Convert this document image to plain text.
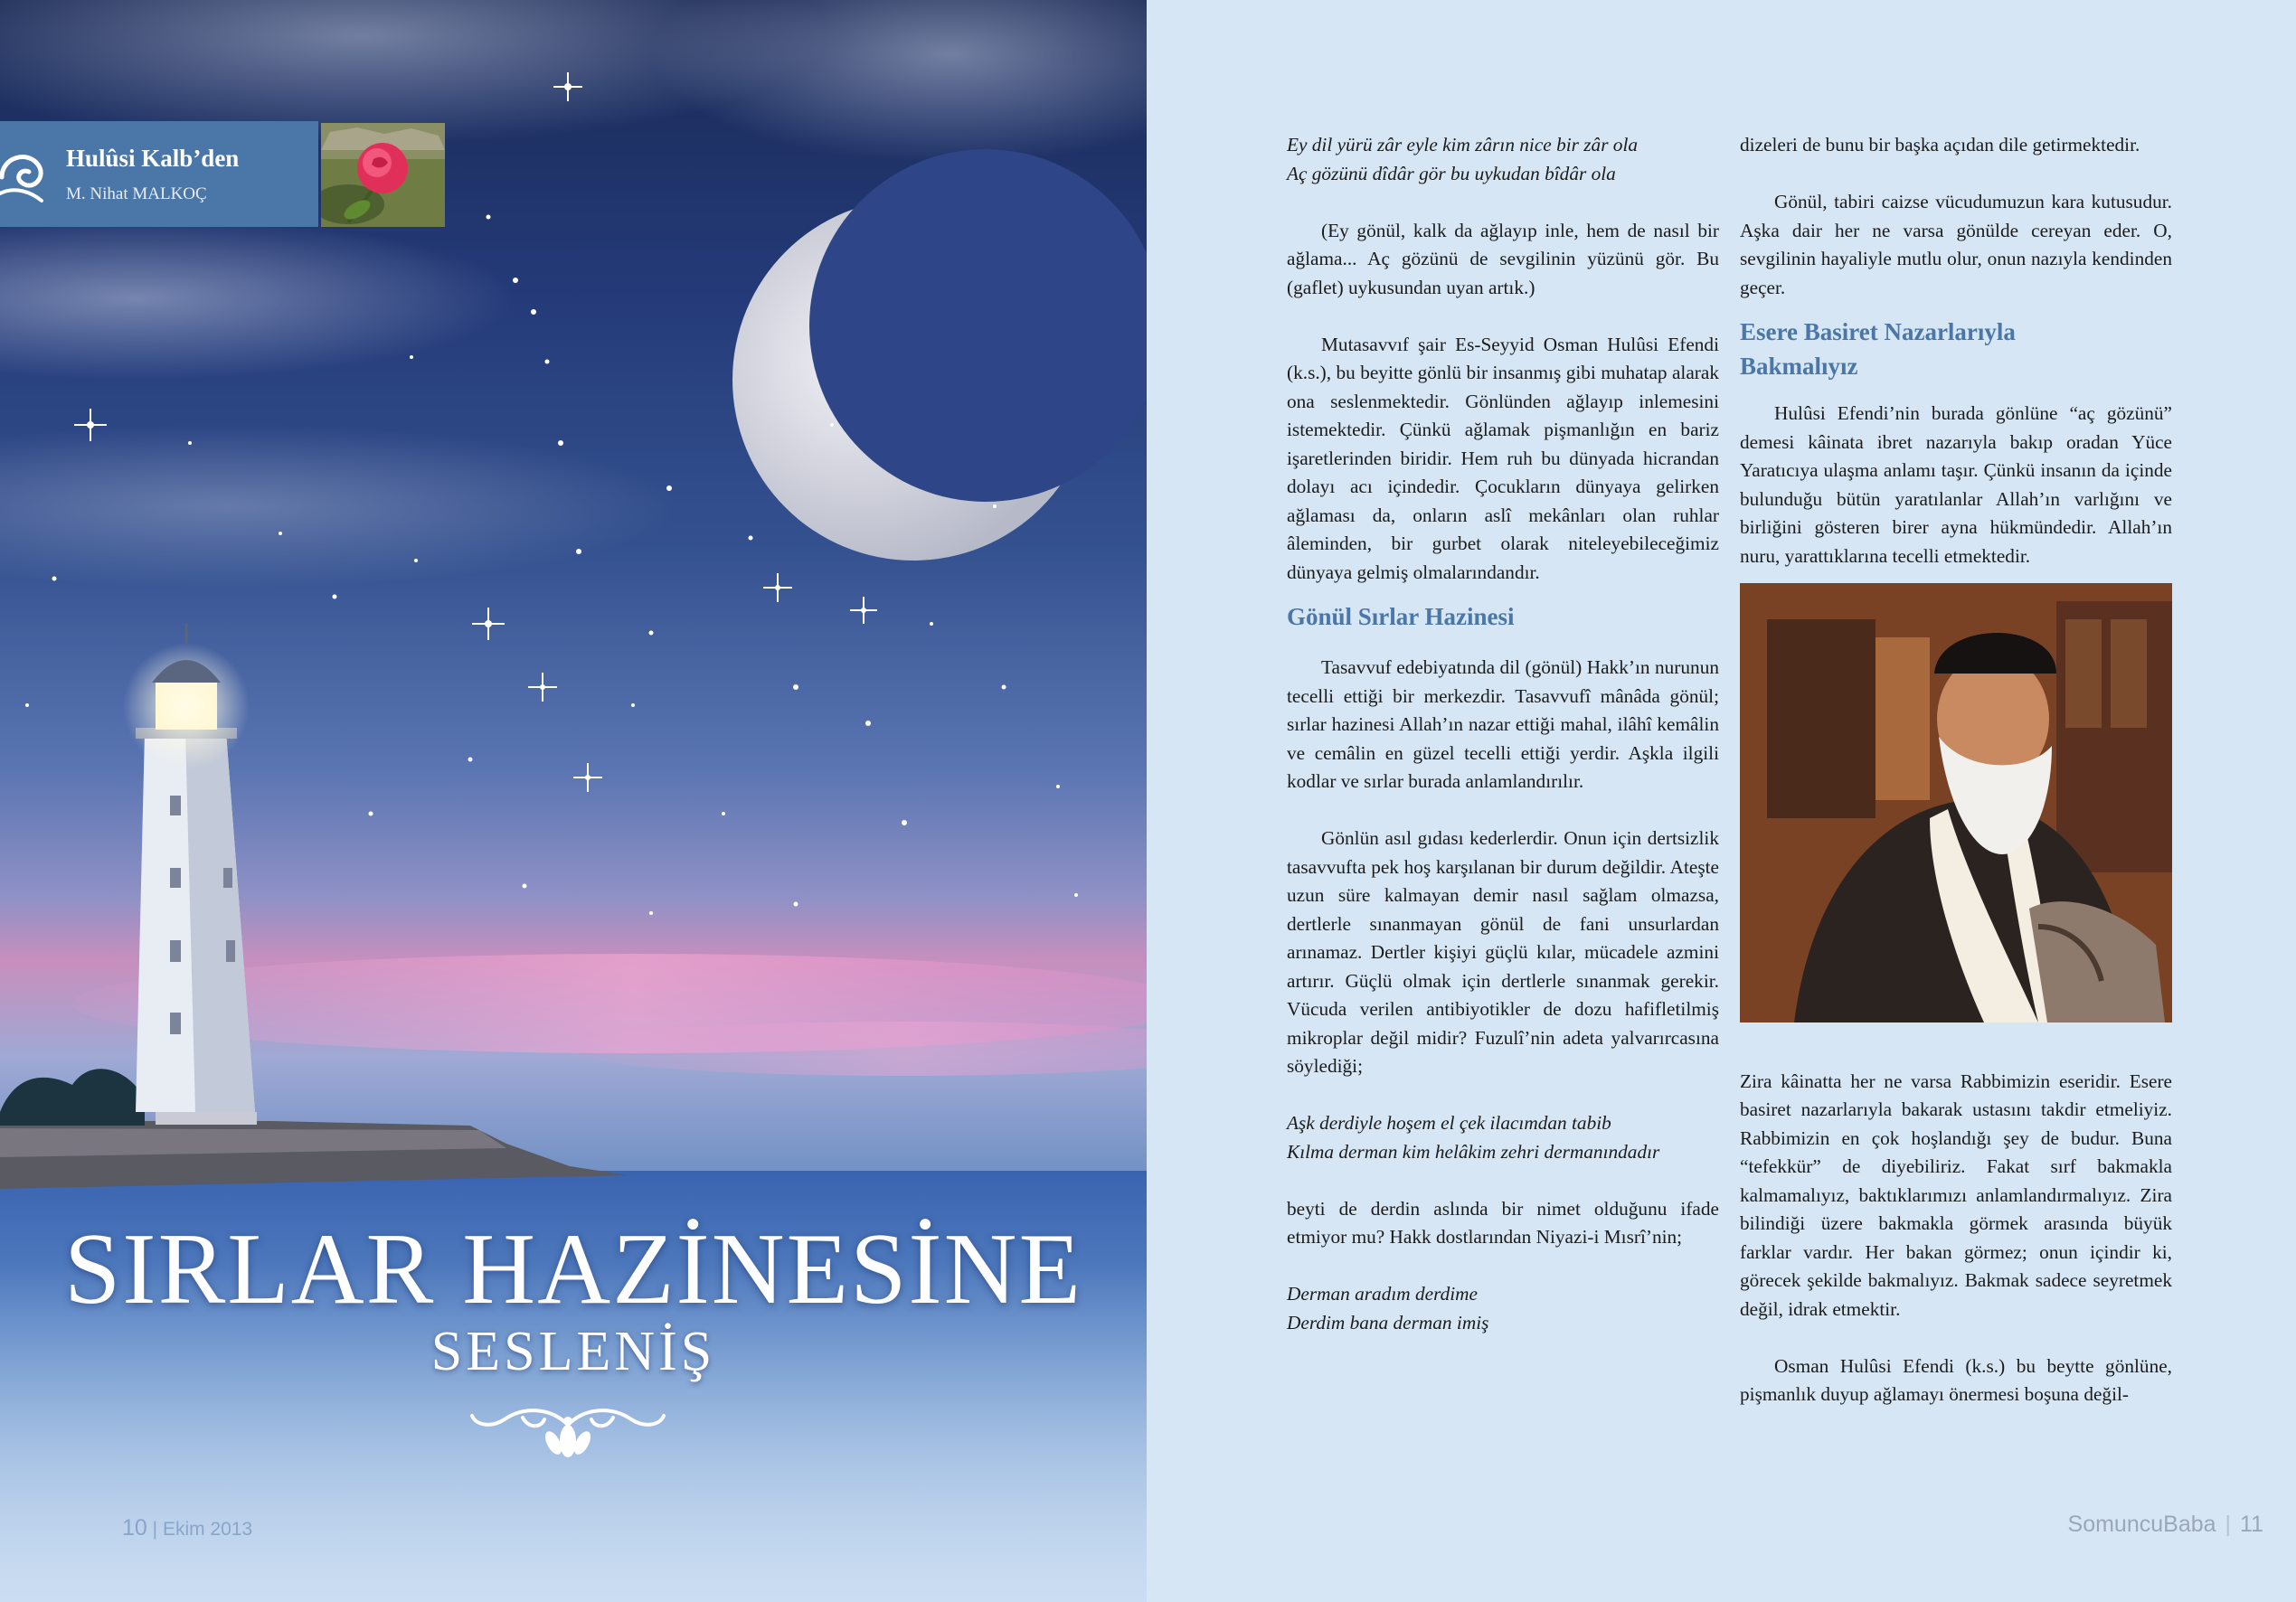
Hulûsi Kalb’den
M. Nihat MALKOÇ
SIRLAR HAZİNESİNE
SESLENİŞ
10 | Ekim 2013

Ey dil yürü zâr eyle kim zârın nice bir zâr ola

Aç gözünü dîdâr gör bu uykudan bîdâr ola

(Ey gönül, kalk da ağlayıp inle, hem de nasıl bir ağlama... Aç gözünü de sevgilinin yüzünü gör. Bu (gaflet) uykusundan uyan artık.)

Mutasavvıf şair Es-Seyyid Osman Hulûsi Efendi (k.s.), bu beyitte gönlü bir insanmış gibi muhatap alarak ona seslenmektedir. Gönlünden ağlayıp inlemesini istemektedir. Çünkü ağlamak pişmanlığın en bariz işaretlerinden biridir. Hem ruh bu dünyada hicrandan dolayı acı içindedir. Çocukların dünyaya gelirken ağlaması da, onların aslî mekânları olan ruhlar âleminden, bir gurbet olarak niteleyebileceğimiz dünyaya gelmiş olmalarındandır.

Gönül Sırlar Hazinesi

Tasavvuf edebiyatında dil (gönül) Hakk’ın nurunun tecelli ettiği bir merkezdir. Tasavvufî mânâda gönül; sırlar hazinesi Allah’ın nazar ettiği mahal, ilâhî kemâlin ve cemâlin en güzel tecelli ettiği yerdir. Aşkla ilgili kodlar ve sırlar burada anlamlandırılır.

Gönlün asıl gıdası kederlerdir. Onun için dertsizlik tasavvufta pek hoş karşılanan bir durum değildir. Ateşte uzun süre kalmayan demir nasıl sağlam olmazsa, dertlerle sınanmayan gönül de fani unsurlardan arınamaz. Dertler kişiyi güçlü kılar, mücadele azmini artırır. Güçlü olmak için dertlerle sınanmak gerekir. Vücuda verilen antibiyotikler de dozu hafifletilmiş mikroplar değil midir? Fuzulî’nin adeta yalvarırcasına söylediği;

Aşk derdiyle hoşem el çek ilacımdan tabib

Kılma derman kim helâkim zehri dermanındadır

beyti de derdin aslında bir nimet olduğunu ifade etmiyor mu? Hakk dostlarından Niyazi-i Mısrî’nin;

Derman aradım derdime

Derdim bana derman imiş

dizeleri de bunu bir başka açıdan dile getirmektedir.

Gönül, tabiri caizse vücudumuzun kara kutusudur. Aşka dair her ne varsa gönülde cereyan eder. O, sevgilinin hayaliyle mutlu olur, onun nazıyla kendinden geçer.

Esere Basiret Nazarlarıyla
Bakmalıyız

Hulûsi Efendi’nin burada gönlüne “aç gözünü” demesi kâinata ibret nazarıyla bakıp oradan Yüce Yaratıcıya ulaşma anlamı taşır. Çünkü insanın da içinde bulunduğu bütün yaratılanlar Allah’ın varlığını ve birliğini gösteren birer ayna hükmündedir. Allah’ın nuru, yarattıklarına tecelli etmektedir.

Zira kâinatta her ne varsa Rabbimizin eseridir. Esere basiret nazarlarıyla bakarak ustasını takdir etmeliyiz. Rabbimizin en çok hoşlandığı şey de budur. Buna “tefekkür” de diyebiliriz. Fakat sırf bakmakla kalmamalıyız, baktıklarımızı anlamlandırmalıyız. Zira bilindiği üzere bakmakla görmek arasında büyük farklar vardır. Her bakan görmez; onun içindir ki, görecek şekilde bakmalıyız. Bakmak sadece seyretmek değil, idrak etmektir.

Osman Hulûsi Efendi (k.s.) bu beytte gönlüne, pişmanlık duyup ağlamayı önermesi boşuna değil-

SomuncuBaba | 11
